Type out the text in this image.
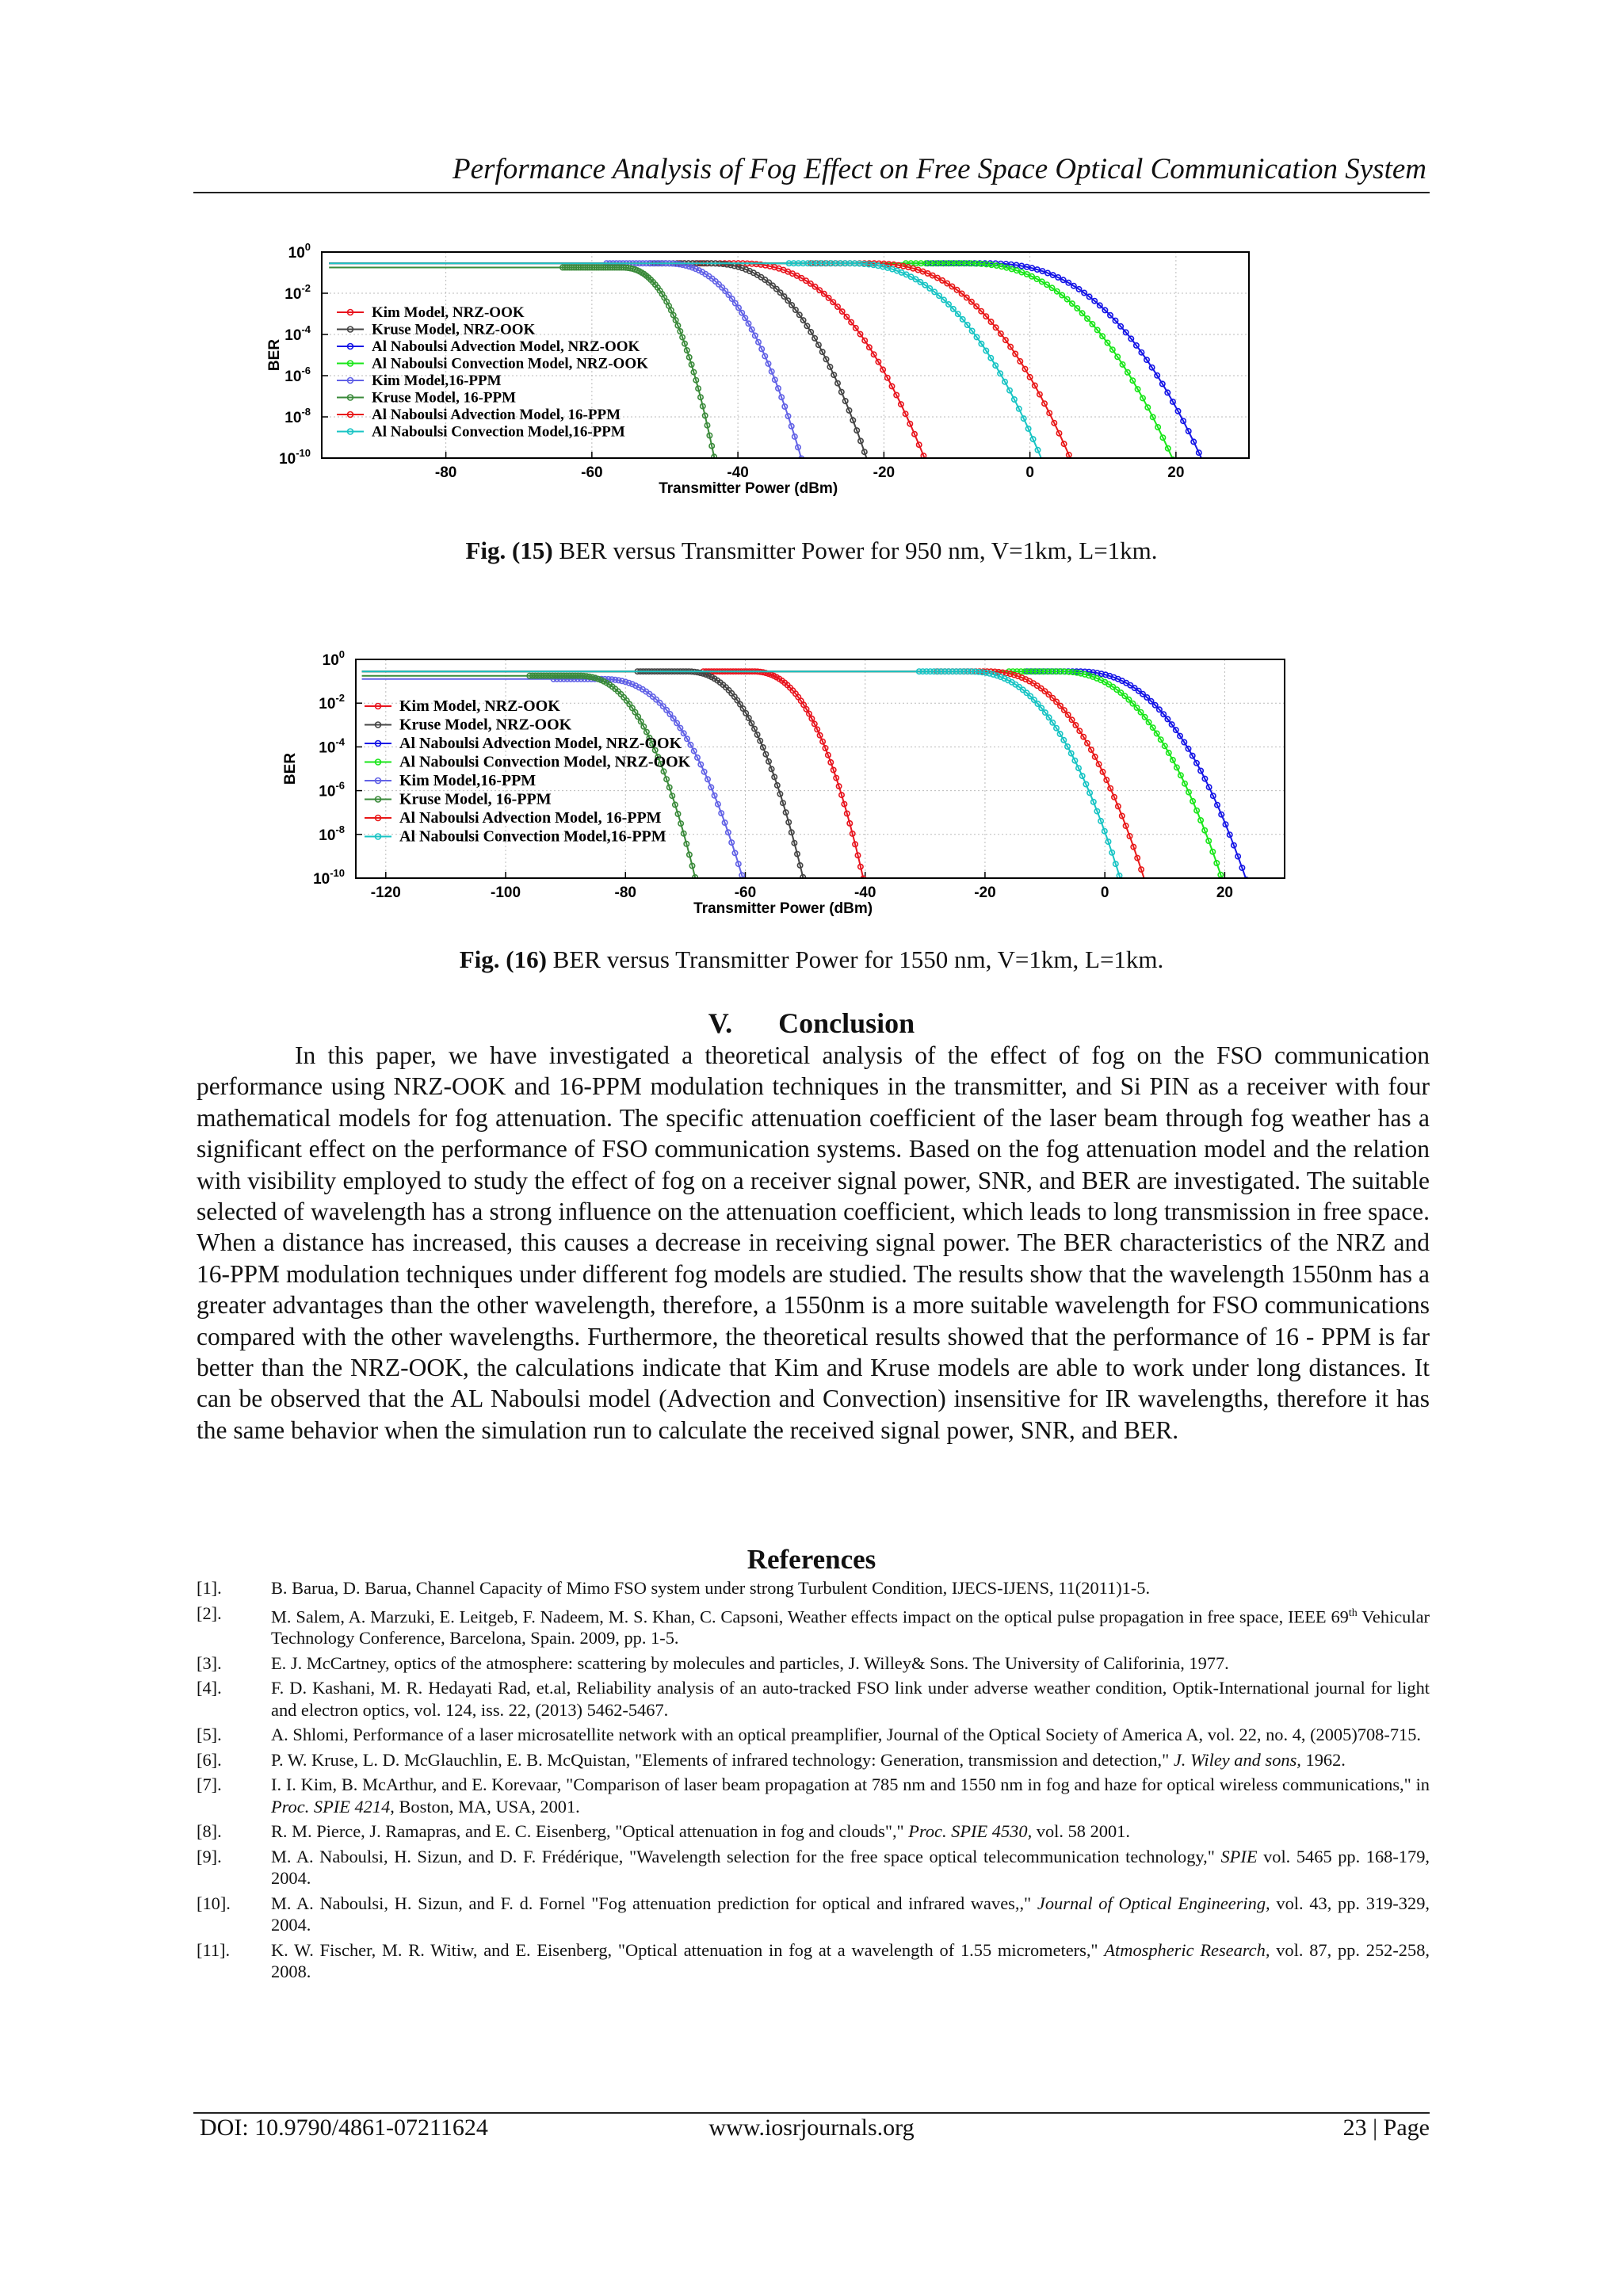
Performance Analysis of Fog Effect on Free Space Optical Communication System
$10^0$
$10^{-2}$
$10^{-4}$
$10^{-6}$
$10^{-8}$
$10^{-10}$
-80	-60	-40	-20	0	20
Kim Model, NRZ-OOK
Kruse Model, NRZ-OOK
Al Naboulsi Advection Model, NRZ-OOK
Al Naboulsi Convection Model, NRZ-OOK
Kim Model,16-PPM
Kruse Model, 16-PPM
Al Naboulsi Advection Model, 16-PPM
Al Naboulsi Convection Model,16-PPM
Transmitter Power (dBm)
BER
Fig. (15) BER versus Transmitter Power for 950 nm, V=1km, L=1km.
$10^0$
$10^{-2}$
$10^{-4}$
$10^{-6}$
$10^{-8}$
$10^{-10}$
-120	-100	-80	-60	-40	-20	0	20
Kim Model, NRZ-OOK
Kruse Model, NRZ-OOK
Al Naboulsi Advection Model, NRZ-OOK
Al Naboulsi Convection Model, NRZ-OOK
Kim Model,16-PPM
Kruse Model, 16-PPM
Al Naboulsi Advection Model, 16-PPM
Al Naboulsi Convection Model,16-PPM
Transmitter Power (dBm)
BER
Fig. (16) BER versus Transmitter Power for 1550 nm, V=1km, L=1km.
V. Conclusion

In this paper, we have investigated a theoretical analysis of the effect of fog on the FSO communication performance using NRZ-OOK and 16-PPM modulation techniques in the transmitter, and Si PIN as a receiver with four mathematical models for fog attenuation. The specific attenuation coefficient of the laser beam through fog weather has a significant effect on the performance of FSO communication systems. Based on the fog attenuation model and the relation with visibility employed to study the effect of fog on a receiver signal power, SNR, and BER are investigated. The suitable selected of wavelength has a strong influence on the attenuation coefficient, which leads to long transmission in free space. When a distance has increased, this causes a decrease in receiving signal power. The BER characteristics of the NRZ and 16-PPM modulation techniques under different fog models are studied. The results show that the wavelength 1550nm has a greater advantages than the other wavelength, therefore, a 1550nm is a more suitable wavelength for FSO communications compared with the other wavelengths. Furthermore, the theoretical results showed that the performance of 16 - PPM is far better than the NRZ-OOK, the calculations indicate that Kim and Kruse models are able to work under long distances. It can be observed that the AL Naboulsi model (Advection and Convection) insensitive for IR wavelengths, therefore it has the same behavior when the simulation run to calculate the received signal power, SNR, and BER.

References
[1].	B. Barua, D. Barua, Channel Capacity of Mimo FSO system under strong Turbulent Condition, IJECS-IJENS, 11(2011)1-5.
[2].	M. Salem, A. Marzuki, E. Leitgeb, F. Nadeem, M. S. Khan, C. Capsoni, Weather effects impact on the optical pulse propagation in free space, IEEE 69th Vehicular Technology Conference, Barcelona, Spain. 2009, pp. 1-5.
[3].	E. J. McCartney, optics of the atmosphere: scattering by molecules and particles, J. Willey& Sons. The University of Califorinia, 1977.
[4].	F. D. Kashani, M. R. Hedayati Rad, et.al, Reliability analysis of an auto-tracked FSO link under adverse weather condition, Optik-International journal for light and electron optics, vol. 124, iss. 22, (2013) 5462-5467.
[5].	A. Shlomi, Performance of a laser microsatellite network with an optical preamplifier, Journal of the Optical Society of America A, vol. 22, no. 4, (2005)708-715.
[6].	P. W. Kruse, L. D. McGlauchlin, E. B. McQuistan, "Elements of infrared technology: Generation, transmission and detection," J. Wiley and sons, 1962.
[7].	I. I. Kim, B. McArthur, and E. Korevaar, "Comparison of laser beam propagation at 785 nm and 1550 nm in fog and haze for optical wireless communications," in Proc. SPIE 4214, Boston, MA, USA, 2001.
[8].	R. M. Pierce, J. Ramapras, and E. C. Eisenberg, "Optical attenuation in fog and clouds"," Proc. SPIE 4530, vol. 58 2001.
[9].	M. A. Naboulsi, H. Sizun, and D. F. Frédérique, "Wavelength selection for the free space optical telecommunication technology," SPIE vol. 5465 pp. 168-179, 2004.
[10].	M. A. Naboulsi, H. Sizun, and F. d. Fornel "Fog attenuation prediction for optical and infrared waves,," Journal of Optical Engineering, vol. 43, pp. 319-329, 2004.
[11].	K. W. Fischer, M. R. Witiw, and E. Eisenberg, "Optical attenuation in fog at a wavelength of 1.55 micrometers," Atmospheric Research, vol. 87, pp. 252-258, 2008.
DOI: 10.9790/4861-07211624	www.iosrjournals.org	23 | Page
